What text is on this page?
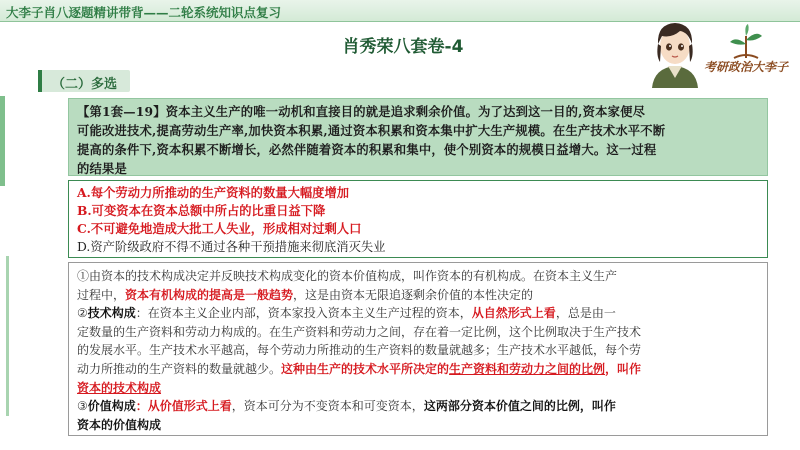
大李子肖八逐题精讲带背——二轮系统知识点复习
肖秀荣八套卷-4
考研政治大李子
（二）多选
【第1套—19】资本主义生产的唯一动机和直接目的就是追求剩余价值。为了达到这一目的,资本家便尽
可能改进技术,提高劳动生产率,加快资本积累,通过资本积累和资本集中扩大生产规模。在生产技术水平不断
提高的条件下,资本积累不断增长，必然伴随着资本的积累和集中，使个别资本的规模日益增大。这一过程
的结果是
A.每个劳动力所推动的生产资料的数量大幅度增加
B.可变资本在资本总额中所占的比重日益下降
C.不可避免地造成大批工人失业，形成相对过剩人口
D.资产阶级政府不得不通过各种干预措施来彻底消灭失业
①由资本的技术构成决定并反映技术构成变化的资本价值构成，叫作资本的有机构成。在资本主义生产
过程中，资本有机构成的提高是一般趋势，这是由资本无限追逐剩余价值的本性决定的
②技术构成：在资本主义企业内部，资本家投入资本主义生产过程的资本，从自然形式上看，总是由一
定数量的生产资料和劳动力构成的。在生产资料和劳动力之间，存在着一定比例，这个比例取决于生产技术
的发展水平。生产技术水平越高，每个劳动力所推动的生产资料的数量就越多；生产技术水平越低，每个劳
动力所推动的生产资料的数量就越少。这种由生产的技术水平所决定的生产资料和劳动力之间的比例，叫作
资本的技术构成
③价值构成：从价值形式上看，资本可分为不变资本和可变资本，这两部分资本价值之间的比例，叫作
资本的价值构成
